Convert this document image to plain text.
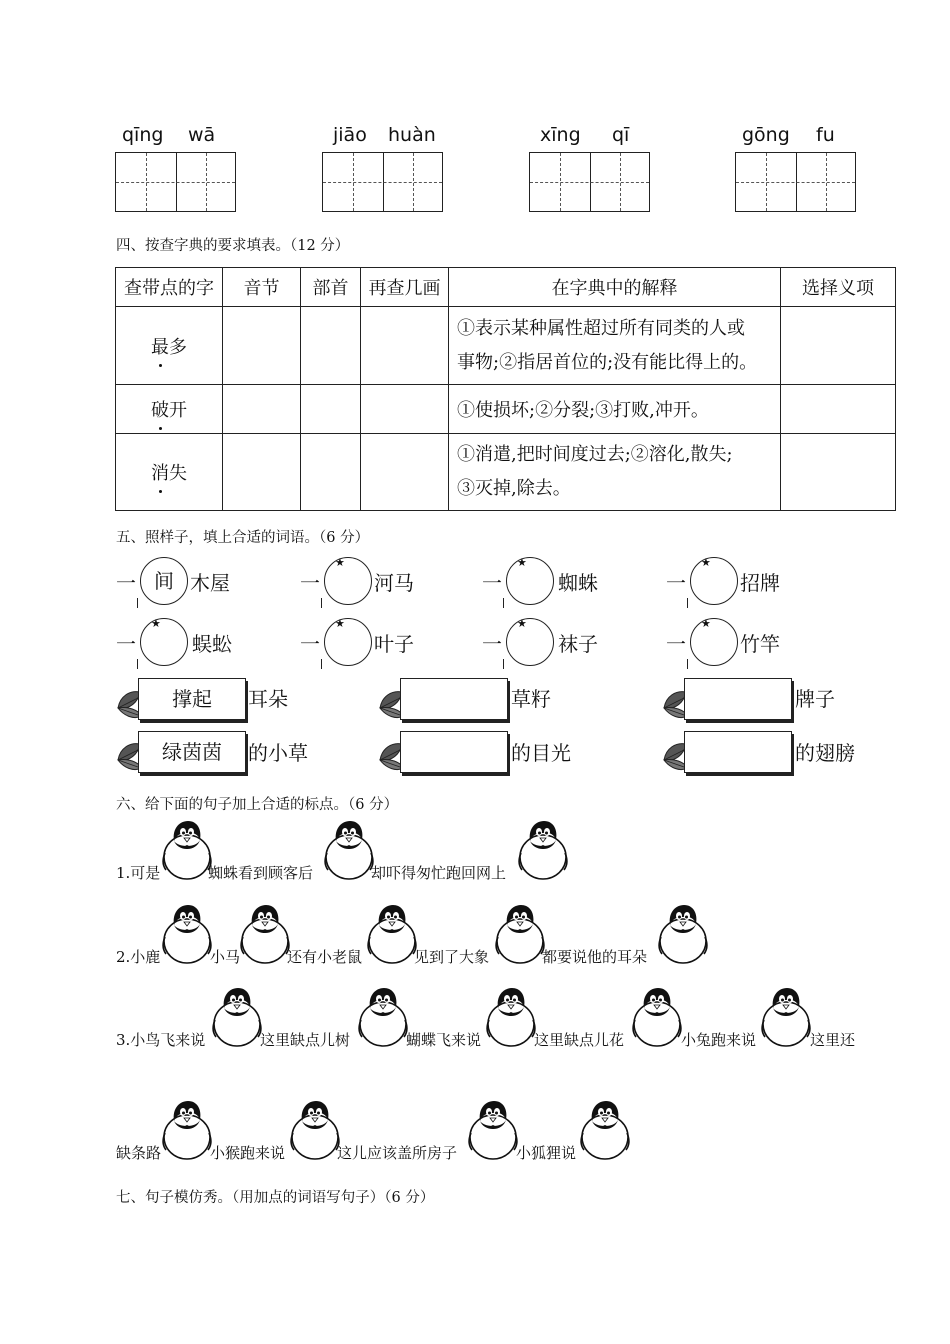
qīng wā	jiāo huàn	xīng qī	gōng fu
四、按查字典的要求填表。（12 分）
查带点的字	音节	部首	再查几画	在字典中的解释	选择义项
最多				①表示某种属性超过所有同类的人或
事物;②指居首位的;没有能比得上的。	

破开				①使损坏;②分裂;③打败,冲开。	

消失				①消遣,把时间度过去;②溶化,散失;
③灭掉,除去。	

五、照样子，填上合适的词语。（6 分）
一 间 木屋	一
★
河马	一
★
蜘蛛	一
★
招牌
一
★
蜈蚣	一
★
叶子	一
★
袜子	一
★
竹竿
撑起	耳朵	草籽	牌子
绿茵茵	的小草	的目光	的翅膀
六、给下面的句子加上合适的标点。（6 分）
1.可是	蜘蛛看到顾客后	却吓得匆忙跑回网上
2.小鹿	小马	还有小老鼠	见到了大象	都要说他的耳朵
3.小鸟飞来说	这里缺点儿树	蝴蝶飞来说	这里缺点儿花	小兔跑来说	这里还
缺条路	小猴跑来说	这儿应该盖所房子	小狐狸说
七、句子模仿秀。（用加点的词语写句子）（6 分）
